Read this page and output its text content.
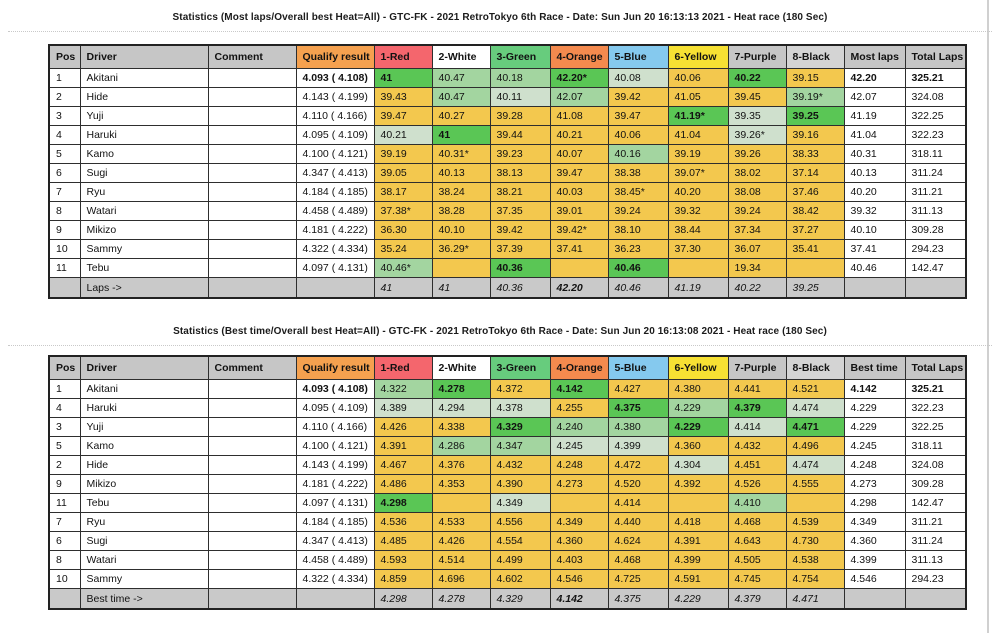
Statistics (Most laps/Overall best Heat=All) - GTC-FK - 2021 RetroTokyo 6th Race - Date: Sun Jun 20 16:13:13 2021 - Heat race (180 Sec)
Pos	Driver	Comment	Qualify result	1-Red	2-White	3-Green	4-Orange	5-Blue	6-Yellow	7-Purple	8-Black	Most laps	Total Laps
1	Akitani		4.093 ( 4.108)	41	40.47	40.18	42.20*	40.08	40.06	40.22	39.15	42.20	325.21
2	Hide		4.143 ( 4.199)	39.43	40.47	40.11	42.07	39.42	41.05	39.45	39.19*	42.07	324.08
3	Yuji		4.110 ( 4.166)	39.47	40.27	39.28	41.08	39.47	41.19*	39.35	39.25	41.19	322.25
4	Haruki		4.095 ( 4.109)	40.21	41	39.44	40.21	40.06	41.04	39.26*	39.16	41.04	322.23
5	Kamo		4.100 ( 4.121)	39.19	40.31*	39.23	40.07	40.16	39.19	39.26	38.33	40.31	318.11
6	Sugi		4.347 ( 4.413)	39.05	40.13	38.13	39.47	38.38	39.07*	38.02	37.14	40.13	311.24
7	Ryu		4.184 ( 4.185)	38.17	38.24	38.21	40.03	38.45*	40.20	38.08	37.46	40.20	311.21
8	Watari		4.458 ( 4.489)	37.38*	38.28	37.35	39.01	39.24	39.32	39.24	38.42	39.32	311.13
9	Mikizo		4.181 ( 4.222)	36.30	40.10	39.42	39.42*	38.10	38.44	37.34	37.27	40.10	309.28
10	Sammy		4.322 ( 4.334)	35.24	36.29*	37.39	37.41	36.23	37.30	36.07	35.41	37.41	294.23
11	Tebu		4.097 ( 4.131)	40.46*		40.36		40.46		19.34		40.46	142.47
	Laps ->			41	41	40.36	42.20	40.46	41.19	40.22	39.25		
Statistics (Best time/Overall best Heat=All) - GTC-FK - 2021 RetroTokyo 6th Race - Date: Sun Jun 20 16:13:08 2021 - Heat race (180 Sec)
Pos	Driver	Comment	Qualify result	1-Red	2-White	3-Green	4-Orange	5-Blue	6-Yellow	7-Purple	8-Black	Best time	Total Laps
1	Akitani		4.093 ( 4.108)	4.322	4.278	4.372	4.142	4.427	4.380	4.441	4.521	4.142	325.21
4	Haruki		4.095 ( 4.109)	4.389	4.294	4.378	4.255	4.375	4.229	4.379	4.474	4.229	322.23
3	Yuji		4.110 ( 4.166)	4.426	4.338	4.329	4.240	4.380	4.229	4.414	4.471	4.229	322.25
5	Kamo		4.100 ( 4.121)	4.391	4.286	4.347	4.245	4.399	4.360	4.432	4.496	4.245	318.11
2	Hide		4.143 ( 4.199)	4.467	4.376	4.432	4.248	4.472	4.304	4.451	4.474	4.248	324.08
9	Mikizo		4.181 ( 4.222)	4.486	4.353	4.390	4.273	4.520	4.392	4.526	4.555	4.273	309.28
11	Tebu		4.097 ( 4.131)	4.298		4.349		4.414		4.410		4.298	142.47
7	Ryu		4.184 ( 4.185)	4.536	4.533	4.556	4.349	4.440	4.418	4.468	4.539	4.349	311.21
6	Sugi		4.347 ( 4.413)	4.485	4.426	4.554	4.360	4.624	4.391	4.643	4.730	4.360	311.24
8	Watari		4.458 ( 4.489)	4.593	4.514	4.499	4.403	4.468	4.399	4.505	4.538	4.399	311.13
10	Sammy		4.322 ( 4.334)	4.859	4.696	4.602	4.546	4.725	4.591	4.745	4.754	4.546	294.23
	Best time ->			4.298	4.278	4.329	4.142	4.375	4.229	4.379	4.471		
